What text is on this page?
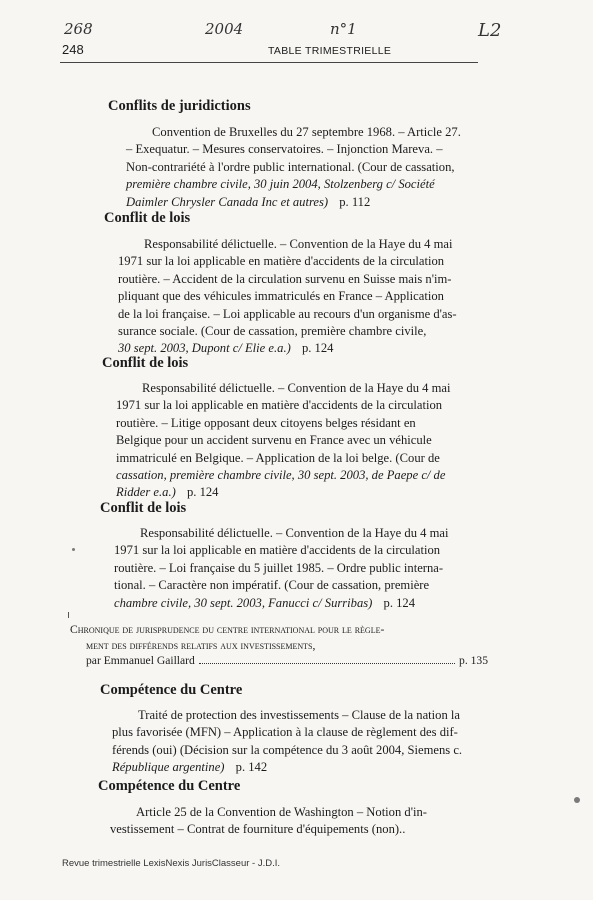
268	2004	n°1	L2
248	TABLE TRIMESTRIELLE
Conflits de juridictions
Convention de Bruxelles du 27 septembre 1968. – Article 27.
– Exequatur. – Mesures conservatoires. – Injonction Mareva. –
Non-contrariété à l'ordre public international. (Cour de cassation,
première chambre civile, 30 juin 2004, Stolzenberg c/ Société
Daimler Chrysler Canada Inc et autres) p. 112
Conflit de lois
Responsabilité délictuelle. – Convention de la Haye du 4 mai
1971 sur la loi applicable en matière d'accidents de la circulation
routière. – Accident de la circulation survenu en Suisse mais n'im-
pliquant que des véhicules immatriculés en France – Application
de la loi française. – Loi applicable au recours d'un organisme d'as-
surance sociale. (Cour de cassation, première chambre civile,
30 sept. 2003, Dupont c/ Elie e.a.) p. 124
Conflit de lois
Responsabilité délictuelle. – Convention de la Haye du 4 mai
1971 sur la loi applicable en matière d'accidents de la circulation
routière. – Litige opposant deux citoyens belges résidant en
Belgique pour un accident survenu en France avec un véhicule
immatriculé en Belgique. – Application de la loi belge. (Cour de
cassation, première chambre civile, 30 sept. 2003, de Paepe c/ de
Ridder e.a.) p. 124
Conflit de lois
Responsabilité délictuelle. – Convention de la Haye du 4 mai
1971 sur la loi applicable en matière d'accidents de la circulation
routière. – Loi française du 5 juillet 1985. – Ordre public interna-
tional. – Caractère non impératif. (Cour de cassation, première
chambre civile, 30 sept. 2003, Fanucci c/ Surribas) p. 124
Chronique de jurisprudence du centre international pour le règle-
ment des différends relatifs aux investissements,
par Emmanuel Gaillard	p. 135
Compétence du Centre
Traité de protection des investissements – Clause de la nation la
plus favorisée (MFN) – Application à la clause de règlement des dif-
férends (oui) (Décision sur la compétence du 3 août 2004, Siemens c.
République argentine) p. 142
Compétence du Centre
Article 25 de la Convention de Washington – Notion d'in-
vestissement – Contrat de fourniture d'équipements (non)..
Revue trimestrielle LexisNexis JurisClasseur - J.D.I.
